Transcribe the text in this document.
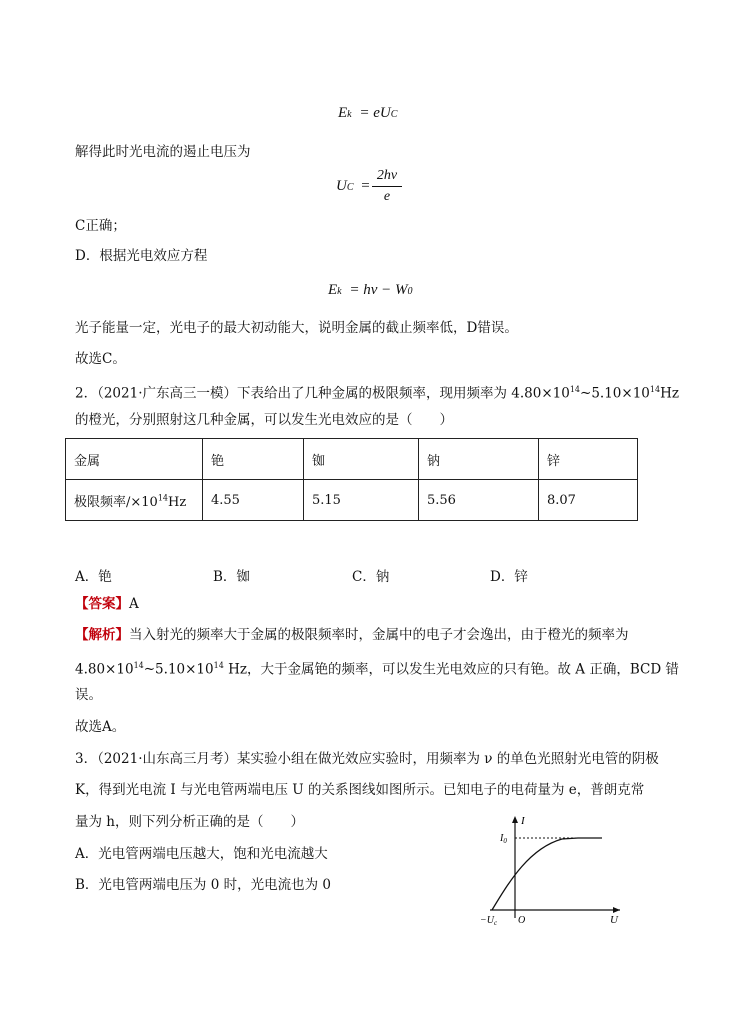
Ek = eUC
解得此时光电流的遏止电压为
UC =
2hν
e
C正确；
D．根据光电效应方程
Ek = hν − W0
光子能量一定，光电子的最大初动能大，说明金属的截止频率低，D错误。
故选C。
2．（2021·广东高三一模）下表给出了几种金属的极限频率，现用频率为 $4.80\times 10^{14}\sim 5.10\times 10^{14}Hz$
的橙光，分别照射这几种金属，可以发生光电效应的是（　　）
金属	铯	铷	钠	锌
极限频率$/\times 10^{14}Hz$	4.55	5.15	5.56	8.07
A．铯	B．铷	C．钠	D．锌
【答案】A
【解析】当入射光的频率大于金属的极限频率时，金属中的电子才会逸出，由于橙光的频率为
$4.80\times 10^{14}\sim 5.10\times 10^{14}$ Hz，大于金属铯的频率，可以发生光电效应的只有铯。故 A 正确，BCD 错
误。
故选A。
3．（2021·山东高三月考）某实验小组在做光效应实验时，用频率为 ν 的单色光照射光电管的阴极
K，得到光电流 I 与光电管两端电压 U 的关系图线如图所示。已知电子的电荷量为 e，普朗克常
量为 h，则下列分析正确的是（　　）
A．光电管两端电压越大，饱和光电流越大
B．光电管两端电压为 0 时，光电流也为 0
I
U
$I_0$
O
$-U_c$
